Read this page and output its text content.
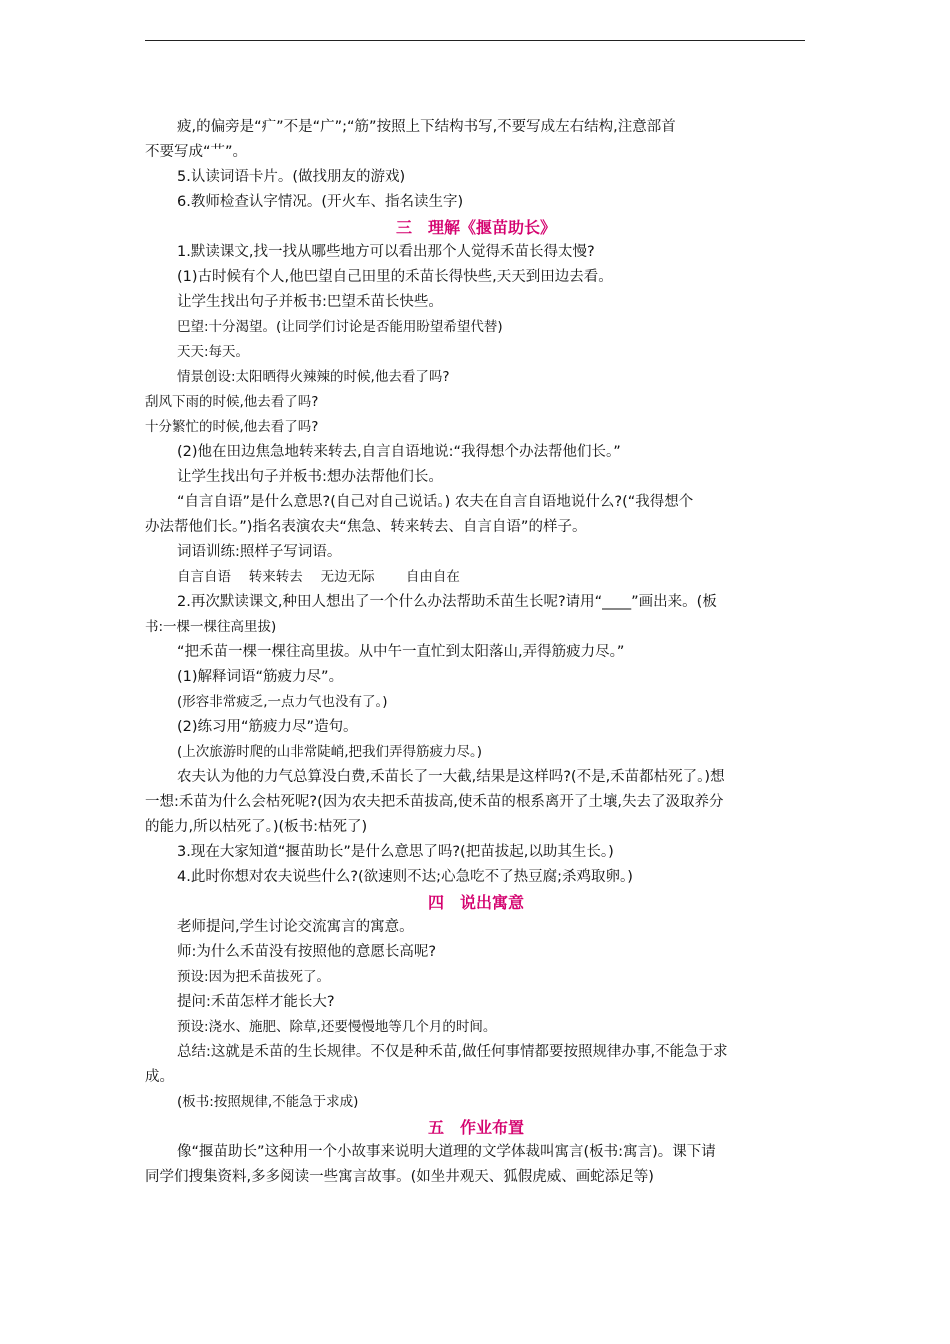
疲,的偏旁是“疒”不是“广”;“筋”按照上下结构书写,不要写成左右结构,注意部首
不要写成“艹”。
5.认读词语卡片。(做找朋友的游戏)
6.教师检查认字情况。(开火车、指名读生字)
三　理解《揠苗助长》
1.默读课文,找一找从哪些地方可以看出那个人觉得禾苗长得太慢?
(1)古时候有个人,他巴望自己田里的禾苗长得快些,天天到田边去看。
让学生找出句子并板书:巴望禾苗长快些。
巴望:十分渴望。(让同学们讨论是否能用盼望希望代替)
天天:每天。
情景创设:太阳晒得火辣辣的时候,他去看了吗?
刮风下雨的时候,他去看了吗?
十分繁忙的时候,他去看了吗?
(2)他在田边焦急地转来转去,自言自语地说:“我得想个办法帮他们长。”
让学生找出句子并板书:想办法帮他们长。
“自言自语”是什么意思?(自己对自己说话。) 农夫在自言自语地说什么?(“我得想个
办法帮他们长。”)指名表演农夫“焦急、转来转去、自言自语”的样子。
词语训练:照样子写词语。
自言自语　 转来转去　 无边无际　　 自由自在
2.再次默读课文,种田人想出了一个什么办法帮助禾苗生长呢?请用“____”画出来。(板
书:一棵一棵往高里拔)
“把禾苗一棵一棵往高里拔。从中午一直忙到太阳落山,弄得筋疲力尽。”
(1)解释词语“筋疲力尽”。
(形容非常疲乏,一点力气也没有了。)
(2)练习用“筋疲力尽”造句。
(上次旅游时爬的山非常陡峭,把我们弄得筋疲力尽。)
农夫认为他的力气总算没白费,禾苗长了一大截,结果是这样吗?(不是,禾苗都枯死了。)想
一想:禾苗为什么会枯死呢?(因为农夫把禾苗拔高,使禾苗的根系离开了土壤,失去了汲取养分
的能力,所以枯死了。)(板书:枯死了)
3.现在大家知道“揠苗助长”是什么意思了吗?(把苗拔起,以助其生长。)
4.此时你想对农夫说些什么?(欲速则不达;心急吃不了热豆腐;杀鸡取卵。)
四　说出寓意
老师提问,学生讨论交流寓言的寓意。
师:为什么禾苗没有按照他的意愿长高呢?
预设:因为把禾苗拔死了。
提问:禾苗怎样才能长大?
预设:浇水、施肥、除草,还要慢慢地等几个月的时间。
总结:这就是禾苗的生长规律。不仅是种禾苗,做任何事情都要按照规律办事,不能急于求
成。
(板书:按照规律,不能急于求成)
五　作业布置
像“揠苗助长”这种用一个小故事来说明大道理的文学体裁叫寓言(板书:寓言)。课下请
同学们搜集资料,多多阅读一些寓言故事。(如坐井观天、狐假虎威、画蛇添足等)
